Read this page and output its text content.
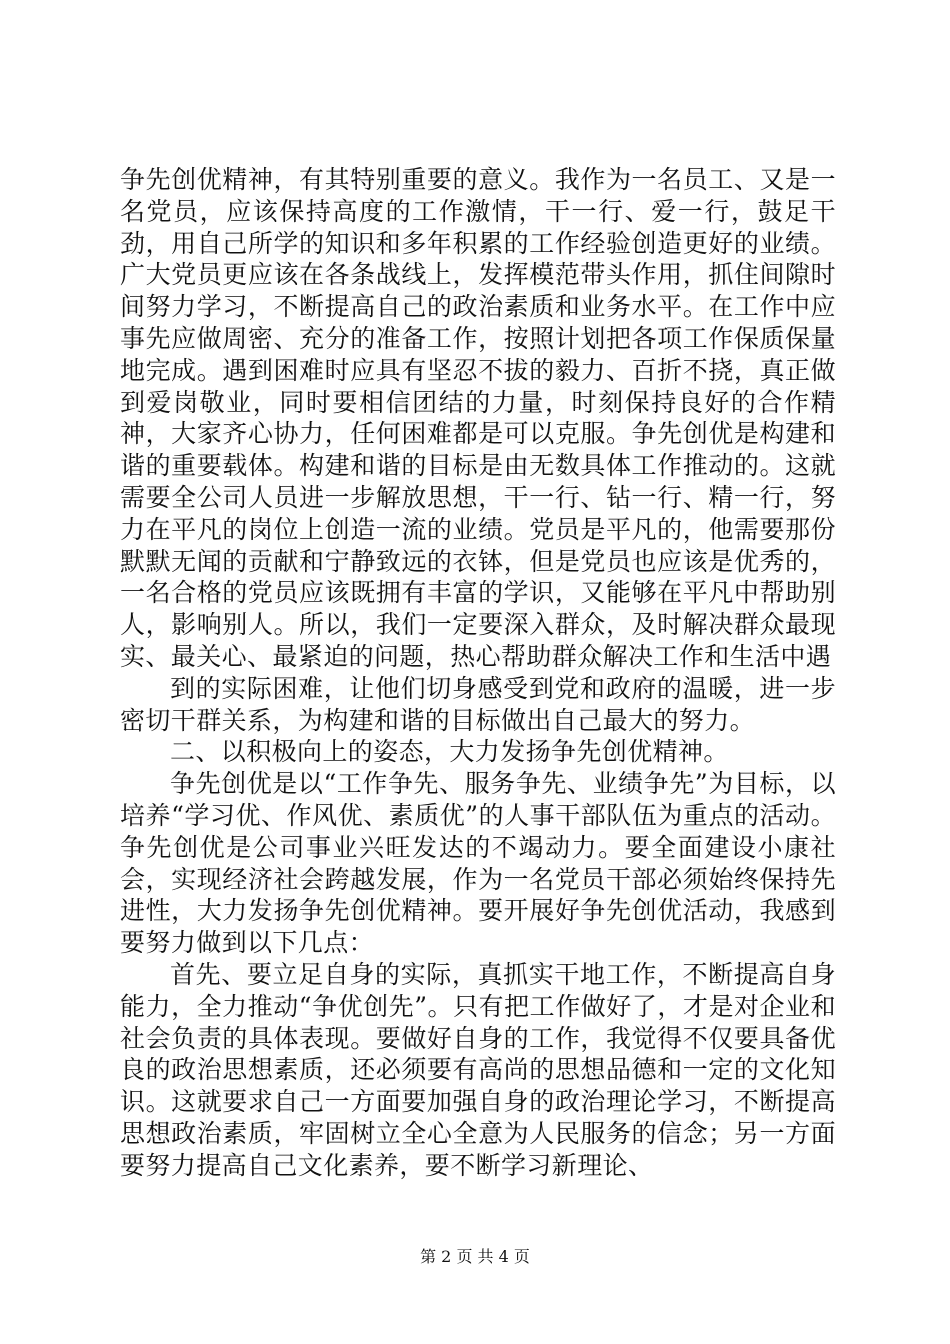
争先创优精神，有其特别重要的意义。我作为一名员工、又是一名党员，应该保持高度的工作激情，干一行、爱一行，鼓足干劲，用自己所学的知识和多年积累的工作经验创造更好的业绩。广大党员更应该在各条战线上，发挥模范带头作用，抓住间隙时间努力学习，不断提高自己的政治素质和业务水平。在工作中应事先应做周密、充分的准备工作，按照计划把各项工作保质保量地完成。遇到困难时应具有坚忍不拔的毅力、百折不挠，真正做到爱岗敬业，同时要相信团结的力量，时刻保持良好的合作精神，大家齐心协力，任何困难都是可以克服。争先创优是构建和谐的重要载体。构建和谐的目标是由无数具体工作推动的。这就需要全公司人员进一步解放思想，干一行、钻一行、精一行，努力在平凡的岗位上创造一流的业绩。党员是平凡的，他需要那份默默无闻的贡献和宁静致远的衣钵，但是党员也应该是优秀的，一名合格的党员应该既拥有丰富的学识，又能够在平凡中帮助别人，影响别人。所以，我们一定要深入群众，及时解决群众最现实、最关心、最紧迫的问题，热心帮助群众解决工作和生活中遇

到的实际困难，让他们切身感受到党和政府的温暖，进一步密切干群关系，为构建和谐的目标做出自己最大的努力。

二、以积极向上的姿态，大力发扬争先创优精神。

争先创优是以“工作争先、服务争先、业绩争先”为目标，以培养“学习优、作风优、素质优”的人事干部队伍为重点的活动。争先创优是公司事业兴旺发达的不竭动力。要全面建设小康社会，实现经济社会跨越发展，作为一名党员干部必须始终保持先进性，大力发扬争先创优精神。要开展好争先创优活动，我感到要努力做到以下几点：

首先、要立足自身的实际，真抓实干地工作，不断提高自身能力，全力推动“争优创先”。只有把工作做好了，才是对企业和社会负责的具体表现。要做好自身的工作，我觉得不仅要具备优良的政治思想素质，还必须要有高尚的思想品德和一定的文化知识。这就要求自己一方面要加强自身的政治理论学习，不断提高思想政治素质，牢固树立全心全意为人民服务的信念；另一方面要努力提高自己文化素养，要不断学习新理论、

第 2 页 共 4 页
